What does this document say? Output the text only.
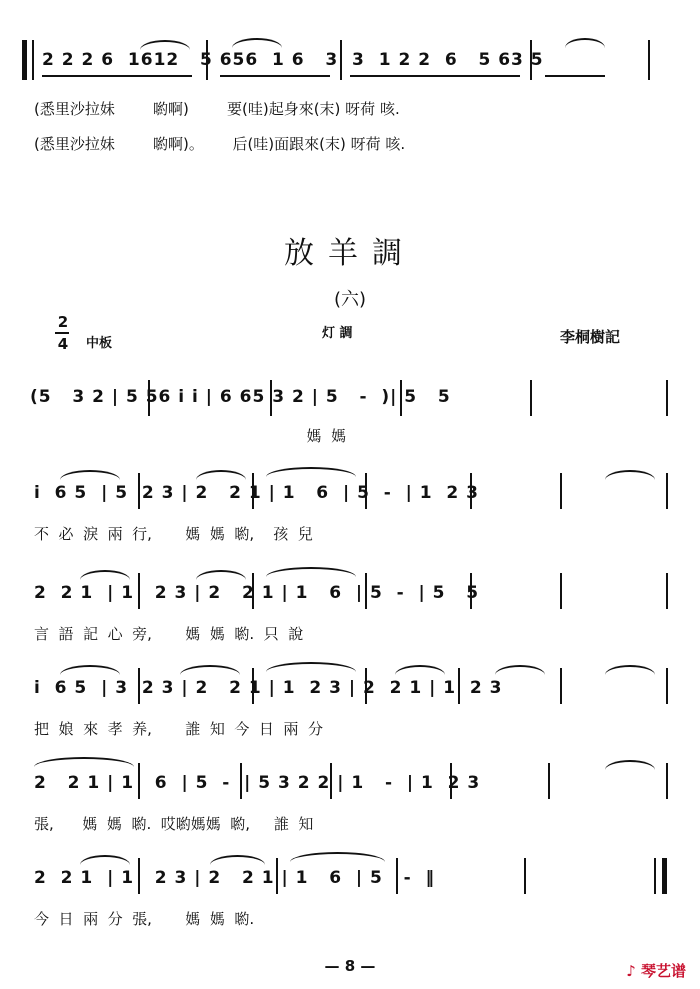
2 2 2 6  1612   5 656  1 6   3  3  1 2 2  6   5 63 5
(悉里沙拉妹        喲啊)        要(哇)起身來(末) 呀荷 咳.
(悉里沙拉妹        喲啊)。      后(哇)面跟來(末) 呀荷 咳.
放羊調
(六)
2
4 中板
灯 調	李桐樹記
(5   3 2 | 5 56 i i | 6 65 3 2 | 5   -  )| 5   5
媽  媽
i  6 5  | 5  2 3 | 2   2 1 | 1   6  | 5  -  | 1  2 3
不  必  淚  兩  行,       媽  媽  喲,    孩  兒
2  2 1  | 1   2 3 | 2   2 1 | 1   6  | 5  -  | 5   5
言  語  記  心  旁,       媽  媽  喲.  只  說
i  6 5  | 3  2 3 | 2   2 1 | 1  2 3 | 2  2 1 | 1  2 3
把  娘  來  孝  养,       誰  知  今  日  兩  分
2   2 1 | 1   6  | 5  -  | 5 3 2 2 | 1   -  | 1  2 3
張,      媽  媽  喲.  哎喲媽媽  喲,     誰  知
2  2 1  | 1   2 3 | 2   2 1 | 1   6  | 5   -  ‖
今  日  兩  分  張,       媽  媽  喲.
— 8 —	♪ 琴艺谱
